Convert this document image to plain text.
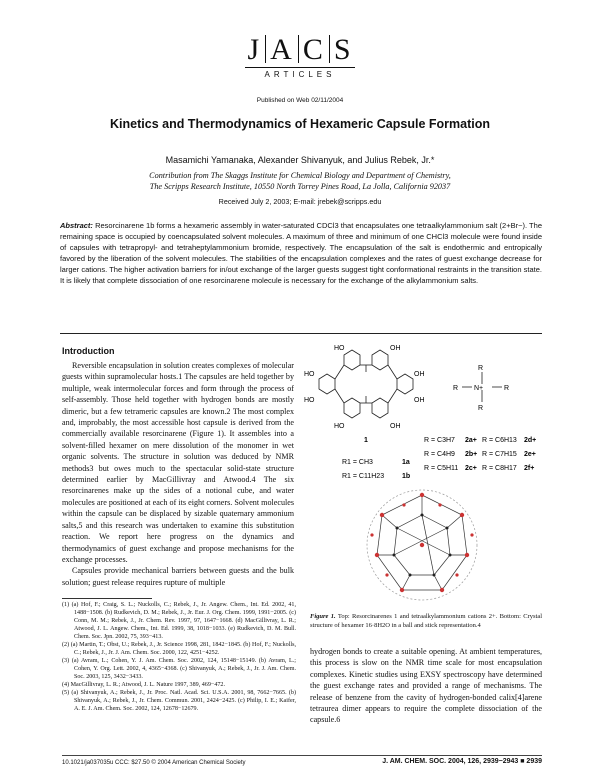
J A C S
ARTICLES
Published on Web 02/11/2004
Kinetics and Thermodynamics of Hexameric Capsule Formation
Masamichi Yamanaka, Alexander Shivanyuk, and Julius Rebek, Jr.*
Contribution from The Skaggs Institute for Chemical Biology and Department of Chemistry,
The Scripps Research Institute, 10550 North Torrey Pines Road, La Jolla, California 92037
Received July 2, 2003; E-mail: jrebek@scripps.edu
Abstract: Resorcinarene 1b forms a hexameric assembly in water-saturated CDCl3 that encapsulates one tetraalkylammonium salt (2+Br−). The remaining space is occupied by coencapsulated solvent molecules. A maximum of three and minimum of one CHCl3 molecule were found inside of capsules with tetrapropyl- and tetraheptylammonium bromide, respectively. The encapsulation of the salt is endothermic and entropically favored by the liberation of the solvent molecules. The stabilities of the encapsulation complexes and the rates of guest exchange decrease for larger cations. The higher activation barriers for in/out exchange of the larger guests suggest tight conformational restraints in the transition state. It is likely that complete dissociation of one resorcinarene molecule is necessary for the exchange of the alkylammonium salts.
Introduction

Reversible encapsulation in solution creates complexes of molecular guests within supramolecular hosts.1 The capsules are held together by multiple, weak intermolecular forces and form through the process of self-assembly. Those held together with hydrogen bonds are mostly dimeric, but a few tetrameric capsules are known.2 The most complex and, improbably, the most accessible host capsule is derived from the commercially available resorcinarene (Figure 1). It assembles into a solvent-filled hexamer on mere dissolution of the monomer in wet organic solvents. The structure in solution was deduced by NMR methods3 but owes much to the spectacular solid-state structure determined earlier by MacGillivray and Atwood.4 The six resorcinarenes make up the sides of a notional cube, and water molecules are positioned at each of its eight corners. Solvent molecules within the capsule can be displaced by sizable quaternary ammonium salts,5 and this research was undertaken to examine this substitution reaction. We report here progress on the dynamics and thermodynamics of guest exchange and propose mechanisms for the exchange processes.

Capsules provide mechanical barriers between guests and the bulk solution; guest release requires rupture of multiple

(1) (a) Hof, F.; Craig, S. L.; Nuckolls, C.; Rebek, J., Jr. Angew. Chem., Int. Ed. 2002, 41, 1488−1508. (b) Rudkevich, D. M.; Rebek, J., Jr. Eur. J. Org. Chem. 1999, 1991−2005. (c) Conn, M. M.; Rebek, J., Jr. Chem. Rev. 1997, 97, 1647−1668. (d) MacGillivray, L. R.; Atwood, J. L. Angew. Chem., Int. Ed. 1999, 38, 1018−1033. (e) Rudkevich, D. M. Bull. Chem. Soc. Jpn. 2002, 75, 393−413.

(2) (a) Martin, T.; Obst, U.; Rebek, J., Jr. Science 1998, 281, 1842−1845. (b) Hof, F.; Nuckolls, C.; Rebek, J., Jr. J. Am. Chem. Soc. 2000, 122, 4251−4252.

(3) (a) Avram, L.; Cohen, Y. J. Am. Chem. Soc. 2002, 124, 15148−15149. (b) Avram, L.; Cohen, Y. Org. Lett. 2002, 4, 4365−4368. (c) Shivanyuk, A.; Rebek, J., Jr. J. Am. Chem. Soc. 2003, 125, 3432−3433.

(4) MacGillivray, L. R.; Atwood, J. L. Nature 1997, 389, 469−472.

(5) (a) Shivanyuk, A.; Rebek, J., Jr. Proc. Natl. Acad. Sci. U.S.A. 2001, 98, 7662−7665. (b) Shivanyuk, A.; Rebek, J., Jr. Chem. Commun. 2001, 2424−2425. (c) Philip, I. E.; Kaifer, A. E. J. Am. Chem. Soc. 2002, 124, 12678−12679.

HO	OH
HO	OH
HO	OH
HO	OH
1
N+
R
R
R	R
R = C3H7 2a+ R = C6H13 2d+
R = C4H9 2b+ R = C7H15 2e+
R = C5H11 2c+ R = C8H17 2f+
R1 = CH3	1a
R1 = C11H23	1b
Figure 1. Top: Resorcinarenes 1 and tetraalkylammonium cations 2+. Bottom: Crystal structure of hexamer 16·8H2O in a ball and stick representation.4

hydrogen bonds to create a suitable opening. At ambient temperatures, this process is slow on the NMR time scale for most encapsulation complexes. Kinetic studies using EXSY spectroscopy have determined the guest exchange rates and provided a range of mechanisms. The release of benzene from the cavity of hydrogen-bonded calix[4]arene tetraurea dimer appears to require the complete dissociation of the capsule.6

10.1021/ja037035u CCC: $27.50 © 2004 American Chemical Society	J. AM. CHEM. SOC. 2004, 126, 2939−2943 ■ 2939
